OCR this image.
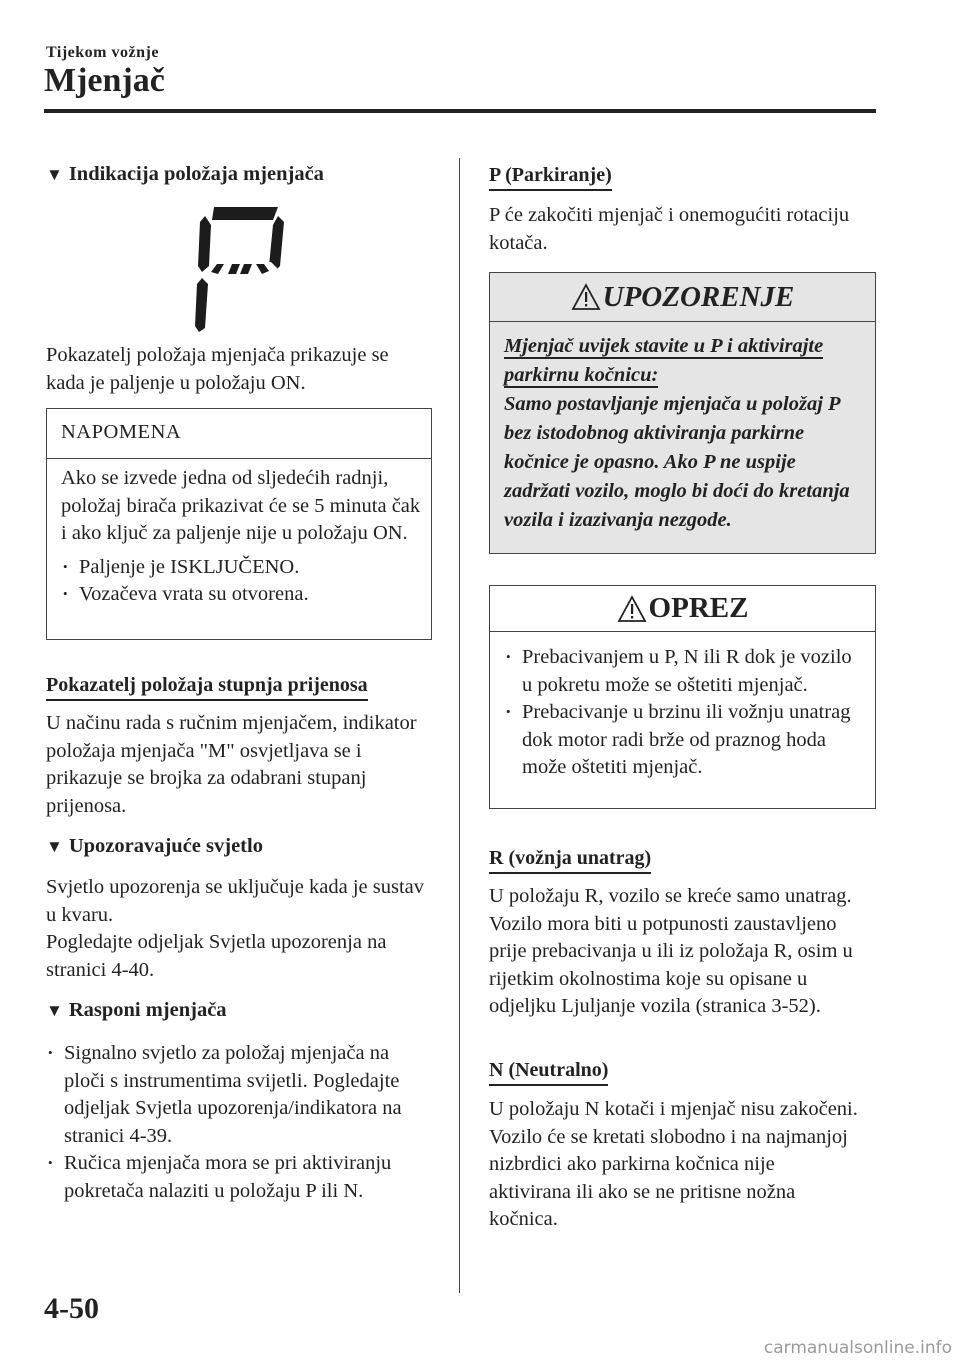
Tijekom vožnje
Mjenjač
▼ Indikacija položaja mjenjača
Pokazatelj položaja mjenjača prikazuje se kada je paljenje u položaju ON.
NAPOMENA
Ako se izvede jedna od sljedećih radnji, položaj birača prikazivat će se 5 minuta čak i ako ključ za paljenje nije u položaju ON.
• Paljenje je ISKLJUČENO.
• Vozačeva vrata su otvorena.
Pokazatelj položaja stupnja prijenosa
U načinu rada s ručnim mjenjačem, indikator položaja mjenjača "M" osvjetljava se i prikazuje se brojka za odabrani stupanj prijenosa.
▼ Upozoravajuće svjetlo
Svjetlo upozorenja se uključuje kada je sustav u kvaru.
Pogledajte odjeljak Svjetla upozorenja na stranici 4-40.
▼ Rasponi mjenjača
• Signalno svjetlo za položaj mjenjača na ploči s instrumentima svijetli. Pogledajte odjeljak Svjetla upozorenja/indikatora na stranici 4-39.
• Ručica mjenjača mora se pri aktiviranju pokretača nalaziti u položaju P ili N.
P (Parkiranje)
P će zakočiti mjenjač i onemogućiti rotaciju kotača.
UPOZORENJE
Mjenjač uvijek stavite u P i aktivirajte parkirnu kočnicu:
Samo postavljanje mjenjača u položaj P bez istodobnog aktiviranja parkirne kočnice je opasno. Ako P ne uspije zadržati vozilo, moglo bi doći do kretanja vozila i izazivanja nezgode.
OPREZ
• Prebacivanjem u P, N ili R dok je vozilo u pokretu može se oštetiti mjenjač.
• Prebacivanje u brzinu ili vožnju unatrag dok motor radi brže od praznog hoda može oštetiti mjenjač.
R (vožnja unatrag)
U položaju R, vozilo se kreće samo unatrag. Vozilo mora biti u potpunosti zaustavljeno prije prebacivanja u ili iz položaja R, osim u rijetkim okolnostima koje su opisane u odjeljku Ljuljanje vozila (stranica 3-52).
N (Neutralno)
U položaju N kotači i mjenjač nisu zakočeni. Vozilo će se kretati slobodno i na najmanjoj nizbrdici ako parkirna kočnica nije aktivirana ili ako se ne pritisne nožna kočnica.
4-50
carmanualsonline.info
